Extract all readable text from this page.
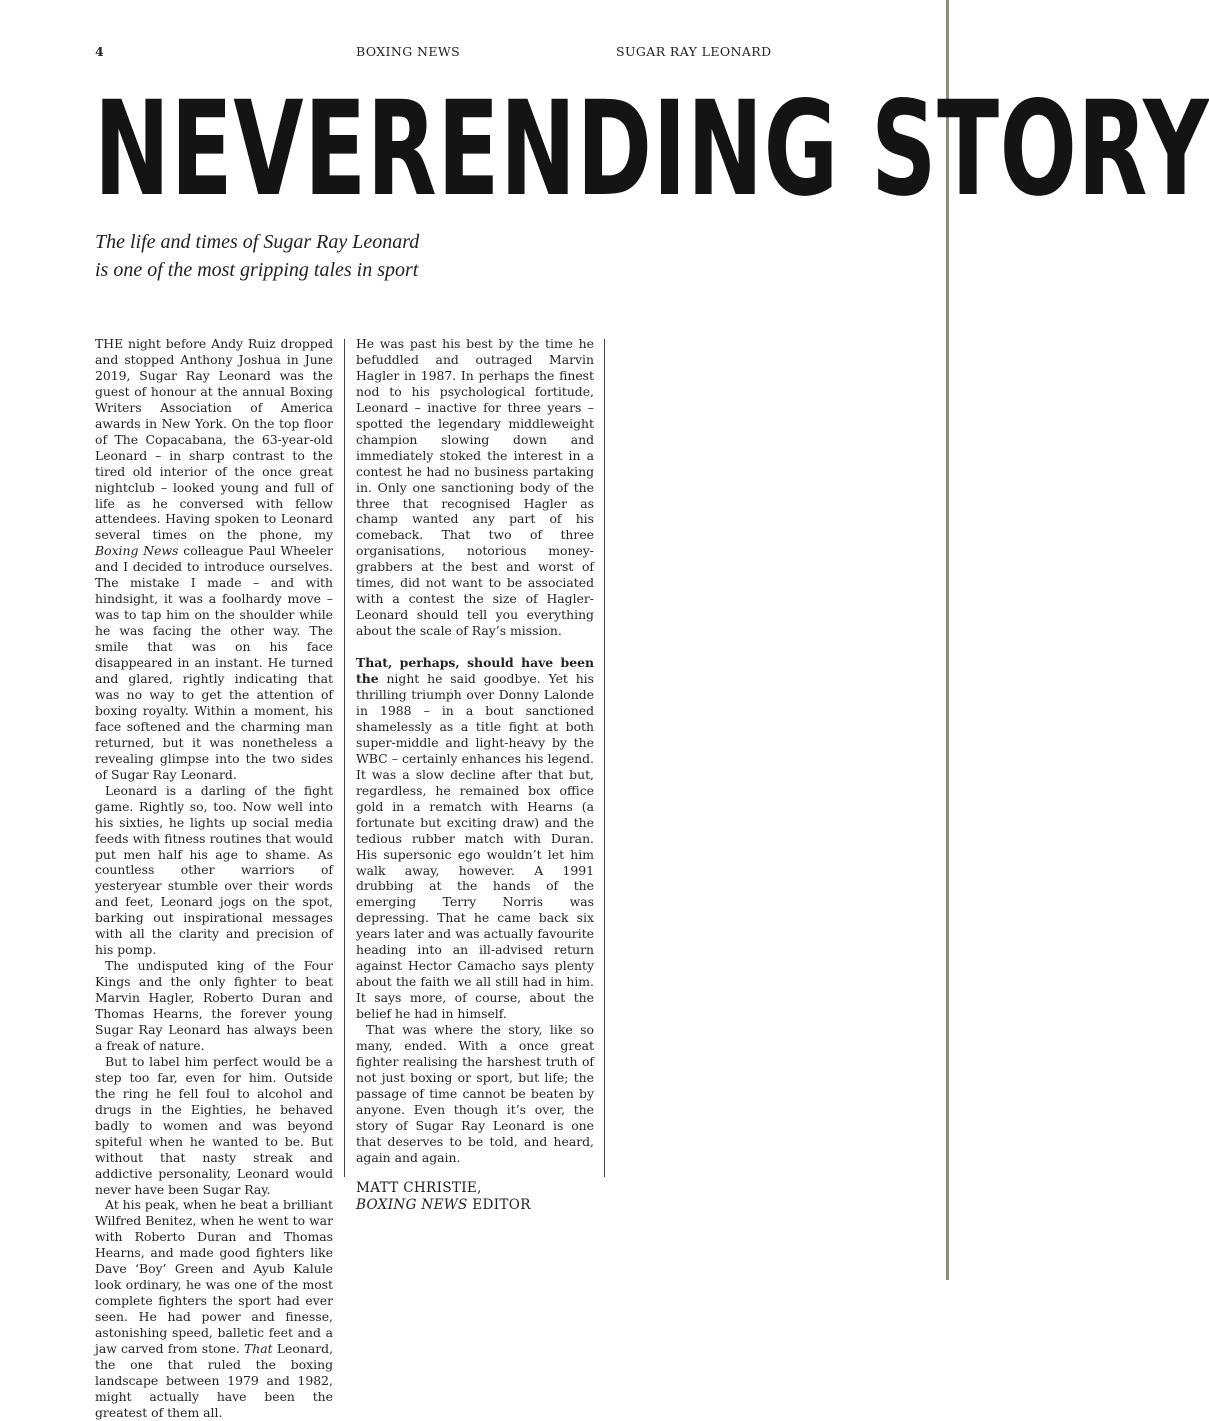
4	BOXING NEWS	SUGAR RAY LEONARD
NEVERENDING STORY
The life and times of Sugar Ray Leonard
is one of the most gripping tales in sport

THE night before Andy Ruiz dropped and stopped Anthony Joshua in June 2019, Sugar Ray Leonard was the guest of honour at the annual Boxing Writers Association of America awards in New York. On the top floor of The Copacabana, the 63-year-old Leonard – in sharp contrast to the tired old interior of the once great nightclub – looked young and full of life as he conversed with fellow attendees. Having spoken to Leonard several times on the phone, my Boxing News colleague Paul Wheeler and I decided to introduce ourselves. The mistake I made – and with hindsight, it was a foolhardy move – was to tap him on the shoulder while he was facing the other way. The smile that was on his face disappeared in an instant. He turned and glared, rightly indicating that was no way to get the attention of boxing royalty. Within a moment, his face softened and the charming man returned, but it was nonetheless a revealing glimpse into the two sides of Sugar Ray Leonard.

Leonard is a darling of the fight game. Rightly so, too. Now well into his sixties, he lights up social media feeds with fitness routines that would put men half his age to shame. As countless other warriors of yesteryear stumble over their words and feet, Leonard jogs on the spot, barking out inspirational messages with all the clarity and precision of his pomp.

The undisputed king of the Four Kings and the only fighter to beat Marvin Hagler, Roberto Duran and Thomas Hearns, the forever young Sugar Ray Leonard has always been a freak of nature.

But to label him perfect would be a step too far, even for him. Outside the ring he fell foul to alcohol and drugs in the Eighties, he behaved badly to women and was beyond spiteful when he wanted to be. But without that nasty streak and addictive personality, Leonard would never have been Sugar Ray.

At his peak, when he beat a brilliant Wilfred Benitez, when he went to war with Roberto Duran and Thomas Hearns, and made good fighters like Dave ‘Boy’ Green and Ayub Kalule look ordinary, he was one of the most complete fighters the sport had ever seen. He had power and finesse, astonishing speed, balletic feet and a jaw carved from stone. That Leonard, the one that ruled the boxing landscape between 1979 and 1982, might actually have been the greatest of them all.

He was past his best by the time he befuddled and outraged Marvin Hagler in 1987. In perhaps the finest nod to his psychological fortitude, Leonard – inactive for three years – spotted the legendary middleweight champion slowing down and immediately stoked the interest in a contest he had no business partaking in. Only one sanctioning body of the three that recognised Hagler as champ wanted any part of his comeback. That two of three organisations, notorious money-grabbers at the best and worst of times, did not want to be associated with a contest the size of Hagler-Leonard should tell you everything about the scale of Ray’s mission.

That, perhaps, should have been the night he said goodbye. Yet his thrilling triumph over Donny Lalonde in 1988 – in a bout sanctioned shamelessly as a title fight at both super-middle and light-heavy by the WBC – certainly enhances his legend. It was a slow decline after that but, regardless, he remained box office gold in a rematch with Hearns (a fortunate but exciting draw) and the tedious rubber match with Duran. His supersonic ego wouldn’t let him walk away, however. A 1991 drubbing at the hands of the emerging Terry Norris was depressing. That he came back six years later and was actually favourite heading into an ill-advised return against Hector Camacho says plenty about the faith we all still had in him. It says more, of course, about the belief he had in himself.

That was where the story, like so many, ended. With a once great fighter realising the harshest truth of not just boxing or sport, but life; the passage of time cannot be beaten by anyone. Even though it’s over, the story of Sugar Ray Leonard is one that deserves to be told, and heard, again and again.

MATT CHRISTIE,
BOXING NEWS EDITOR
